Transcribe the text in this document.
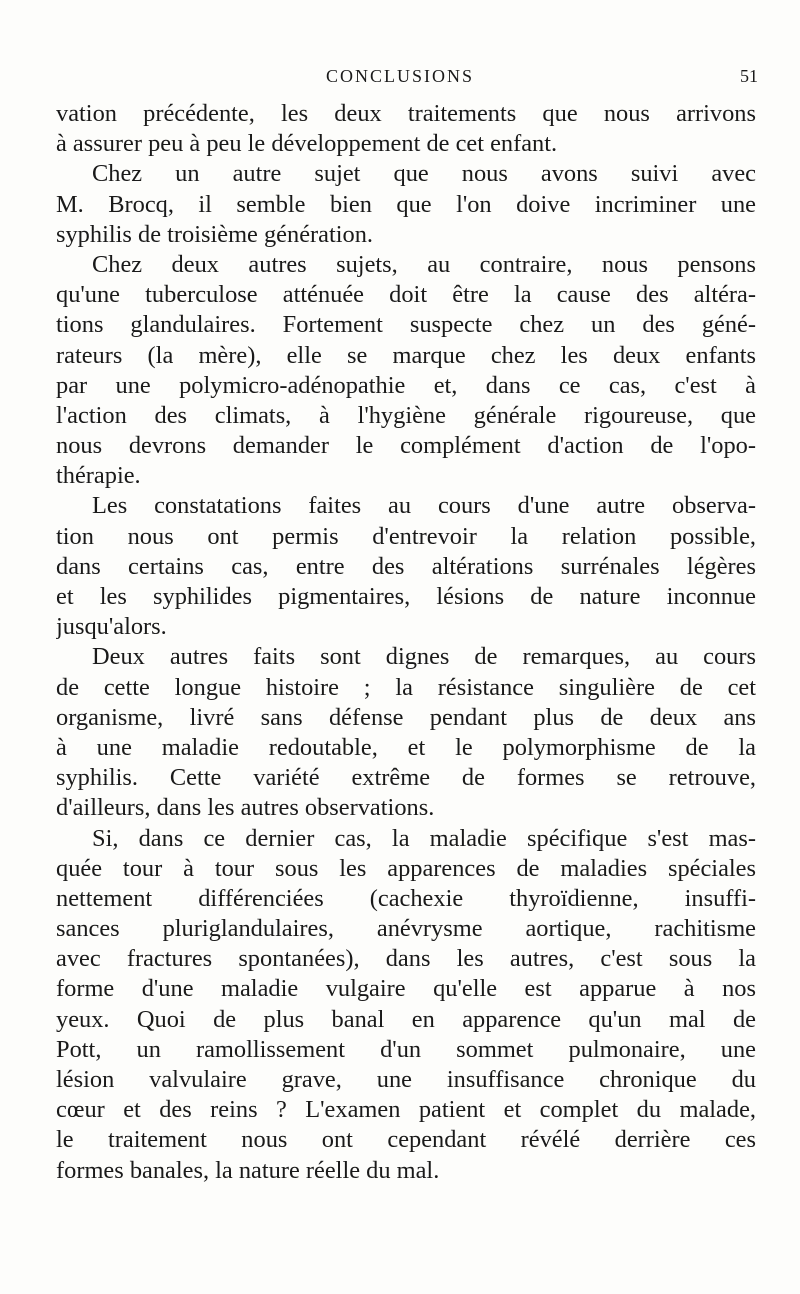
CONCLUSIONS	51
vation précédente, les deux traitements que nous arrivons
à assurer peu à peu le développement de cet enfant.
Chez un autre sujet que nous avons suivi avec
M. Brocq, il semble bien que l'on doive incriminer une
syphilis de troisième génération.
Chez deux autres sujets, au contraire, nous pensons
qu'une tuberculose atténuée doit être la cause des altéra-
tions glandulaires. Fortement suspecte chez un des géné-
rateurs (la mère), elle se marque chez les deux enfants
par une polymicro-adénopathie et, dans ce cas, c'est à
l'action des climats, à l'hygiène générale rigoureuse, que
nous devrons demander le complément d'action de l'opo-
thérapie.
Les constatations faites au cours d'une autre observa-
tion nous ont permis d'entrevoir la relation possible,
dans certains cas, entre des altérations surrénales légères
et les syphilides pigmentaires, lésions de nature inconnue
jusqu'alors.
Deux autres faits sont dignes de remarques, au cours
de cette longue histoire ; la résistance singulière de cet
organisme, livré sans défense pendant plus de deux ans
à une maladie redoutable, et le polymorphisme de la
syphilis. Cette variété extrême de formes se retrouve,
d'ailleurs, dans les autres observations.
Si, dans ce dernier cas, la maladie spécifique s'est mas-
quée tour à tour sous les apparences de maladies spéciales
nettement différenciées (cachexie thyroïdienne, insuffi-
sances pluriglandulaires, anévrysme aortique, rachitisme
avec fractures spontanées), dans les autres, c'est sous la
forme d'une maladie vulgaire qu'elle est apparue à nos
yeux. Quoi de plus banal en apparence qu'un mal de
Pott, un ramollissement d'un sommet pulmonaire, une
lésion valvulaire grave, une insuffisance chronique du
cœur et des reins ? L'examen patient et complet du malade,
le traitement nous ont cependant révélé derrière ces
formes banales, la nature réelle du mal.
